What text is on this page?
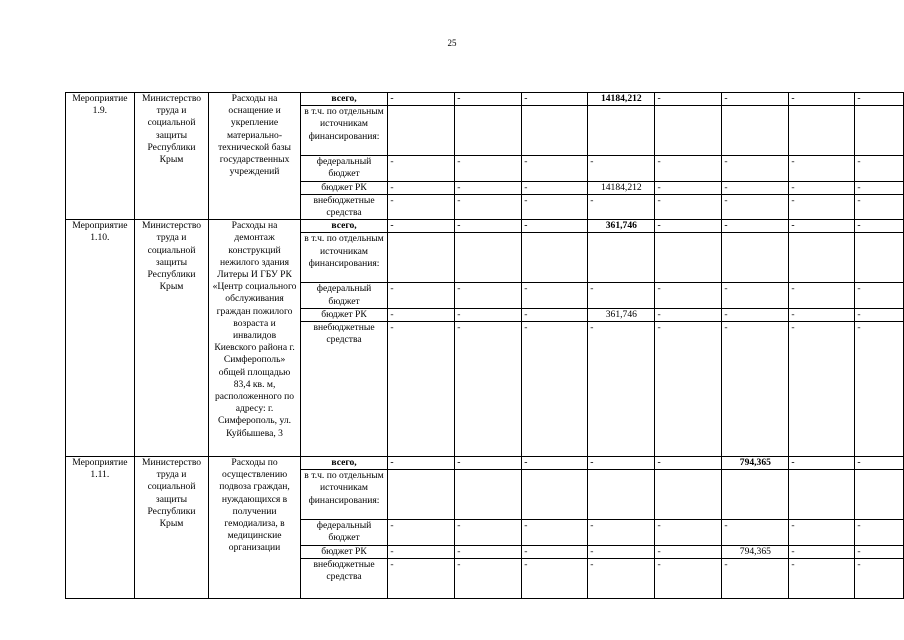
25
Мероприятие 1.9.	Министерство труда и социальной защиты Республики Крым	Расходы на оснащение и укрепление материально-технической базы государственных учреждений	всего,	-	-	-	14184,212	-	-	-	-
			в т.ч. по отдельным источникам финансирования:								
			федеральный бюджет	-	-	-	-	-	-	-	-
			бюджет РК	-	-	-	14184,212	-	-	-	-
			внебюджетные средства	-	-	-	-	-	-	-	-
Мероприятие 1.10.	Министерство труда и социальной защиты Республики Крым	Расходы на демонтаж конструкций нежилого здания Литеры И ГБУ РК «Центр социального обслуживания граждан пожилого возраста и инвалидов Киевского района г. Симферополь» общей площадью 83,4 кв. м, расположенного по адресу: г. Симферополь, ул. Куйбышева, 3	всего,	-	-	-	361,746	-	-	-	-
			в т.ч. по отдельным источникам финансирования:								
			федеральный бюджет	-	-	-	-	-	-	-	-
			бюджет РК	-	-	-	361,746	-	-	-	-
			внебюджетные средства	-	-	-	-	-	-	-	-
Мероприятие 1.11.	Министерство труда и социальной защиты Республики Крым	Расходы по осуществлению подвоза граждан, нуждающихся в получении гемодиализа, в медицинские организации	всего,	-	-	-	-	-	794,365	-	-
			в т.ч. по отдельным источникам финансирования:								
			федеральный бюджет	-	-	-	-	-	-	-	-
			бюджет РК	-	-	-	-	-	794,365	-	-
			внебюджетные средства	-	-	-	-	-	-	-	-
